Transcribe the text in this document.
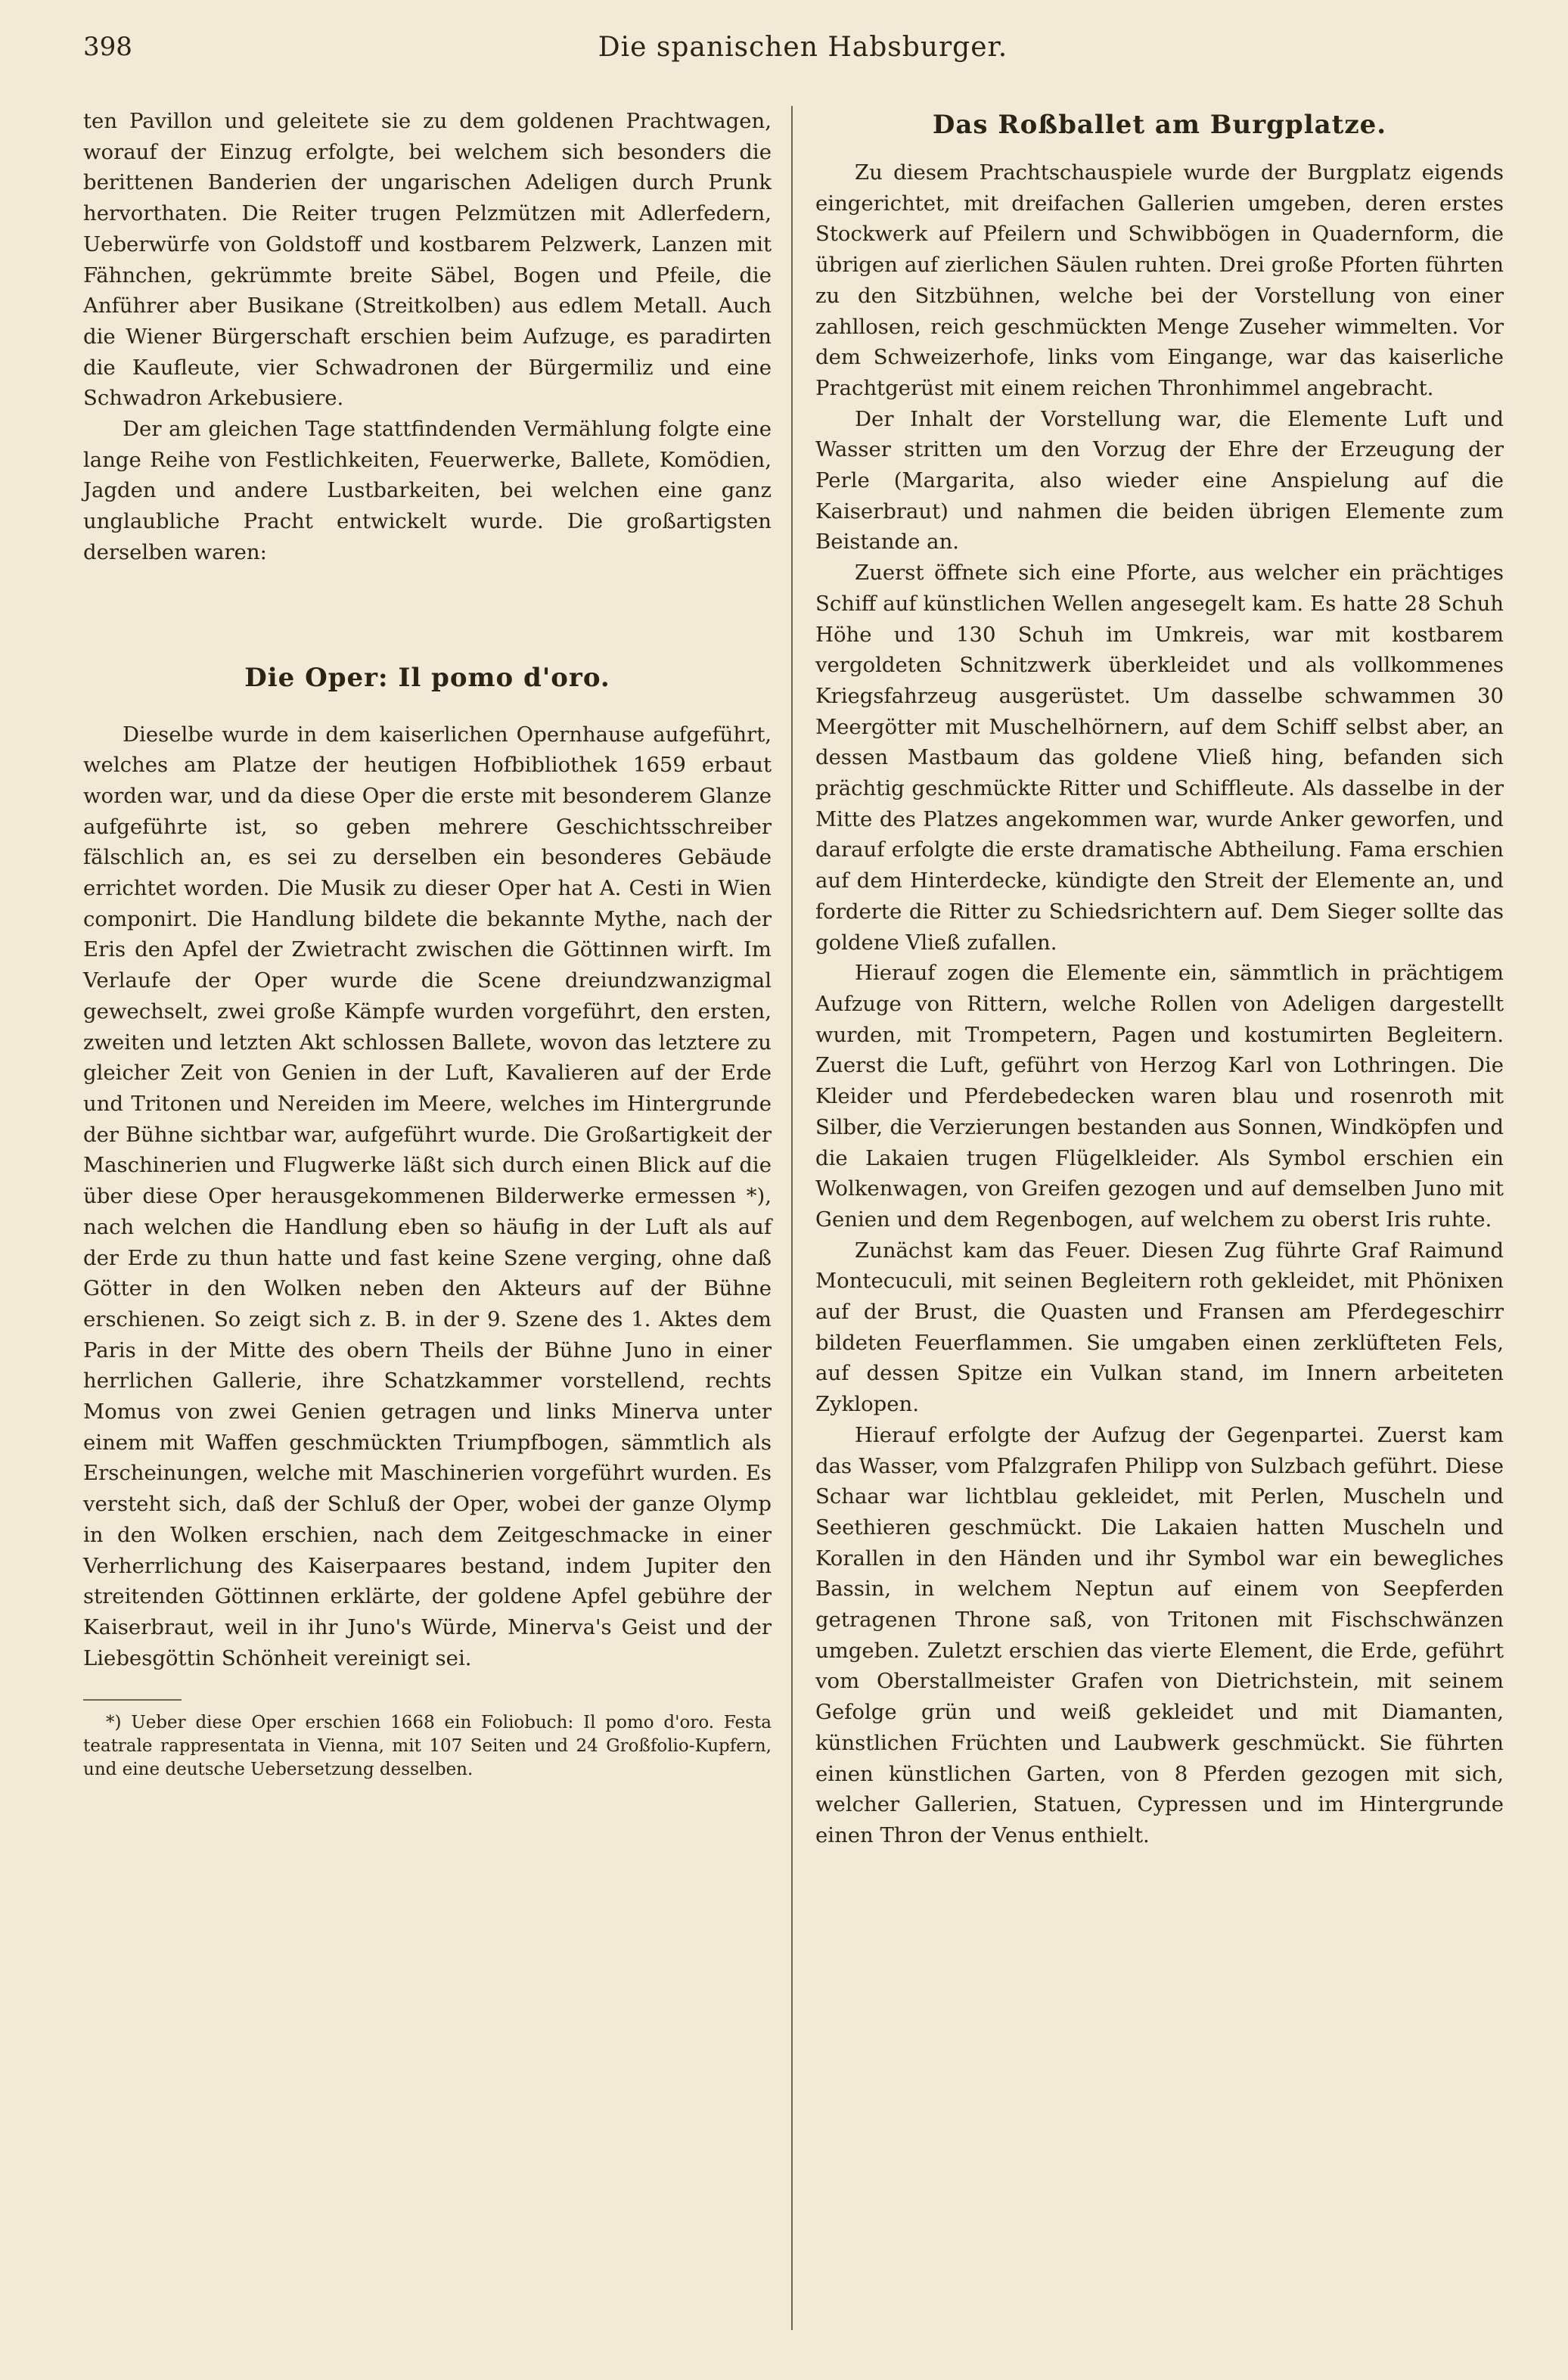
398	Die spanischen Habsburger.

ten Pavillon und geleitete sie zu dem goldenen Prachtwagen, worauf der Einzug erfolgte, bei welchem sich besonders die berittenen Banderien der ungarischen Adeligen durch Prunk hervorthaten. Die Reiter trugen Pelzmützen mit Adlerfedern, Ueberwürfe von Goldstoff und kostbarem Pelzwerk, Lanzen mit Fähnchen, gekrümmte breite Säbel, Bogen und Pfeile, die Anführer aber Busikane (Streitkolben) aus edlem Metall. Auch die Wiener Bürgerschaft erschien beim Aufzuge, es paradirten die Kaufleute, vier Schwadronen der Bürgermiliz und eine Schwadron Arkebusiere.

Der am gleichen Tage stattfindenden Vermählung folgte eine lange Reihe von Festlichkeiten, Feuerwerke, Ballete, Komödien, Jagden und andere Lustbarkeiten, bei welchen eine ganz unglaubliche Pracht entwickelt wurde. Die großartigsten derselben waren:

Die Oper: Il pomo d'oro.

Dieselbe wurde in dem kaiserlichen Opernhause aufgeführt, welches am Platze der heutigen Hofbibliothek 1659 erbaut worden war, und da diese Oper die erste mit besonderem Glanze aufgeführte ist, so geben mehrere Geschichtsschreiber fälschlich an, es sei zu derselben ein besonderes Gebäude errichtet worden. Die Musik zu dieser Oper hat A. Cesti in Wien componirt. Die Handlung bildete die bekannte Mythe, nach der Eris den Apfel der Zwietracht zwischen die Göttinnen wirft. Im Verlaufe der Oper wurde die Scene dreiundzwanzigmal gewechselt, zwei große Kämpfe wurden vorgeführt, den ersten, zweiten und letzten Akt schlossen Ballete, wovon das letztere zu gleicher Zeit von Genien in der Luft, Kavalieren auf der Erde und Tritonen und Nereiden im Meere, welches im Hintergrunde der Bühne sichtbar war, aufgeführt wurde. Die Großartigkeit der Maschinerien und Flugwerke läßt sich durch einen Blick auf die über diese Oper herausgekommenen Bilderwerke ermessen *), nach welchen die Handlung eben so häufig in der Luft als auf der Erde zu thun hatte und fast keine Szene verging, ohne daß Götter in den Wolken neben den Akteurs auf der Bühne erschienen. So zeigt sich z. B. in der 9. Szene des 1. Aktes dem Paris in der Mitte des obern Theils der Bühne Juno in einer herrlichen Gallerie, ihre Schatzkammer vorstellend, rechts Momus von zwei Genien getragen und links Minerva unter einem mit Waffen geschmückten Triumpfbogen, sämmtlich als Erscheinungen, welche mit Maschinerien vorgeführt wurden. Es versteht sich, daß der Schluß der Oper, wobei der ganze Olymp in den Wolken erschien, nach dem Zeitgeschmacke in einer Verherrlichung des Kaiserpaares bestand, indem Jupiter den streitenden Göttinnen erklärte, der goldene Apfel gebühre der Kaiserbraut, weil in ihr Juno's Würde, Minerva's Geist und der Liebesgöttin Schönheit vereinigt sei.

*) Ueber diese Oper erschien 1668 ein Foliobuch: Il pomo d'oro. Festa teatrale rappresentata in Vienna, mit 107 Seiten und 24 Großfolio-Kupfern, und eine deutsche Uebersetzung desselben.

Das Roßballet am Burgplatze.

Zu diesem Prachtschauspiele wurde der Burgplatz eigends eingerichtet, mit dreifachen Gallerien umgeben, deren erstes Stockwerk auf Pfeilern und Schwibbögen in Quadernform, die übrigen auf zierlichen Säulen ruhten. Drei große Pforten führten zu den Sitzbühnen, welche bei der Vorstellung von einer zahllosen, reich geschmückten Menge Zuseher wimmelten. Vor dem Schweizerhofe, links vom Eingange, war das kaiserliche Prachtgerüst mit einem reichen Thronhimmel angebracht.

Der Inhalt der Vorstellung war, die Elemente Luft und Wasser stritten um den Vorzug der Ehre der Erzeugung der Perle (Margarita, also wieder eine Anspielung auf die Kaiserbraut) und nahmen die beiden übrigen Elemente zum Beistande an.

Zuerst öffnete sich eine Pforte, aus welcher ein prächtiges Schiff auf künstlichen Wellen angesegelt kam. Es hatte 28 Schuh Höhe und 130 Schuh im Umkreis, war mit kostbarem vergoldeten Schnitzwerk überkleidet und als vollkommenes Kriegsfahrzeug ausgerüstet. Um dasselbe schwammen 30 Meergötter mit Muschelhörnern, auf dem Schiff selbst aber, an dessen Mastbaum das goldene Vließ hing, befanden sich prächtig geschmückte Ritter und Schiffleute. Als dasselbe in der Mitte des Platzes angekommen war, wurde Anker geworfen, und darauf erfolgte die erste dramatische Abtheilung. Fama erschien auf dem Hinterdecke, kündigte den Streit der Elemente an, und forderte die Ritter zu Schiedsrichtern auf. Dem Sieger sollte das goldene Vließ zufallen.

Hierauf zogen die Elemente ein, sämmtlich in prächtigem Aufzuge von Rittern, welche Rollen von Adeligen dargestellt wurden, mit Trompetern, Pagen und kostumirten Begleitern. Zuerst die Luft, geführt von Herzog Karl von Lothringen. Die Kleider und Pferdebedecken waren blau und rosenroth mit Silber, die Verzierungen bestanden aus Sonnen, Windköpfen und die Lakaien trugen Flügelkleider. Als Symbol erschien ein Wolkenwagen, von Greifen gezogen und auf demselben Juno mit Genien und dem Regenbogen, auf welchem zu oberst Iris ruhte.

Zunächst kam das Feuer. Diesen Zug führte Graf Raimund Montecuculi, mit seinen Begleitern roth gekleidet, mit Phönixen auf der Brust, die Quasten und Fransen am Pferdegeschirr bildeten Feuerflammen. Sie umgaben einen zerklüfteten Fels, auf dessen Spitze ein Vulkan stand, im Innern arbeiteten Zyklopen.

Hierauf erfolgte der Aufzug der Gegenpartei. Zuerst kam das Wasser, vom Pfalzgrafen Philipp von Sulzbach geführt. Diese Schaar war lichtblau gekleidet, mit Perlen, Muscheln und Seethieren geschmückt. Die Lakaien hatten Muscheln und Korallen in den Händen und ihr Symbol war ein bewegliches Bassin, in welchem Neptun auf einem von Seepferden getragenen Throne saß, von Tritonen mit Fischschwänzen umgeben. Zuletzt erschien das vierte Element, die Erde, geführt vom Oberstallmeister Grafen von Dietrichstein, mit seinem Gefolge grün und weiß gekleidet und mit Diamanten, künstlichen Früchten und Laubwerk geschmückt. Sie führten einen künstlichen Garten, von 8 Pferden gezogen mit sich, welcher Gallerien, Statuen, Cypressen und im Hintergrunde einen Thron der Venus enthielt.
